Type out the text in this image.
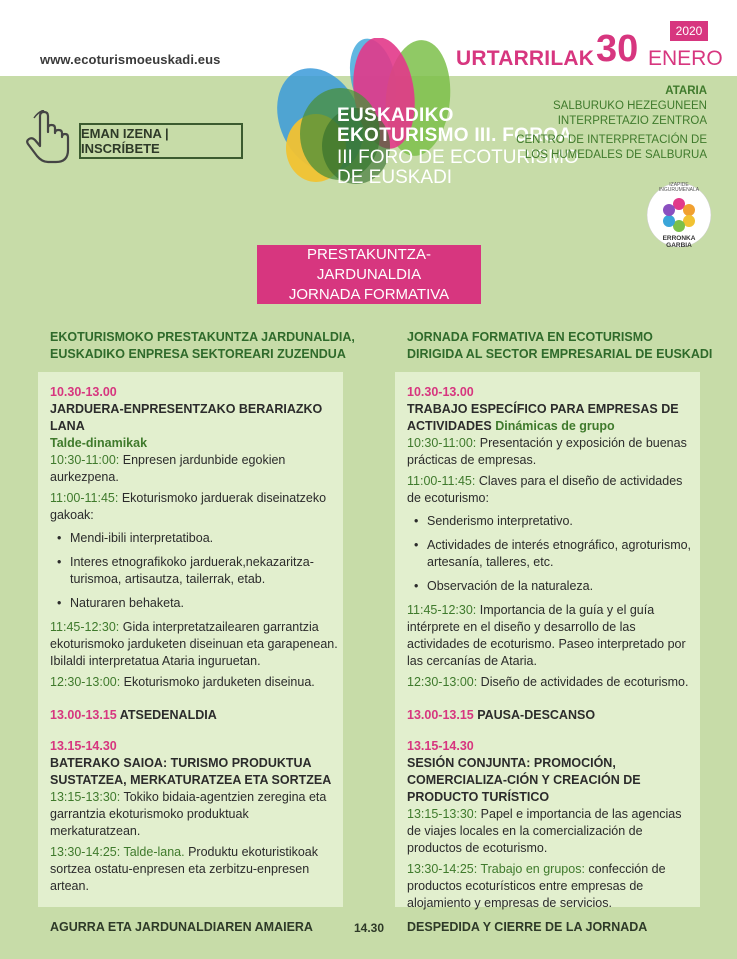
www.ecoturismoeuskadi.eus
EMAN IZENA | INSCRÍBETE
EUSKADIKO
EKOTURISMO III. FOROA
III FORO DE ECOTURISMO
DE EUSKADI
2020
URTARRILAK 30 ENERO
ATARIA
SALBURUKO HEZEGUNEEN
INTERPRETAZIO ZENTROA
CENTRO DE INTERPRETACIÓN DE
LOS HUMEDALES DE SALBURUA
IZAPIDE INGURUMENALA
ERRONKA GARBIA
PRESTAKUNTZA-JARDUNALDIA
JORNADA FORMATIVA
EKOTURISMOKO PRESTAKUNTZA JARDUNALDIA,
EUSKADIKO ENPRESA SEKTOREARI ZUZENDUA

10.30-13.00

JARDUERA-ENPRESENTZAKO BERARIAZKO LANA

Talde-dinamikak

10:30-11:00: Enpresen jardunbide egokien aurkezpena.

11:00-11:45: Ekoturismoko jarduerak diseinatzeko gakoak:

• Mendi-ibili interpretatiboa.
• Interes etnografikoko jarduerak,nekazaritza-turismoa, artisautza, tailerrak, etab.
• Naturaren behaketa.

11:45-12:30: Gida interpretatzailearen garrantzia ekoturismoko jarduketen diseinuan eta garapenean. Ibilaldi interpretatua Ataria inguruetan.

12:30-13:00: Ekoturismoko jarduketen diseinua.

13.00-13.15 ATSEDENALDIA

13.15-14.30

BATERAKO SAIOA: TURISMO PRODUKTUA SUSTATZEA, MERKATURATZEA ETA SORTZEA

13:15-13:30: Tokiko bidaia-agentzien zeregina eta garrantzia ekoturismoko produktuak merkaturatzean.

13:30-14:25: Talde-lana. Produktu ekoturistikoak sortzea ostatu-enpresen eta zerbitzu-enpresen artean.

JORNADA FORMATIVA EN ECOTURISMO
DIRIGIDA AL SECTOR EMPRESARIAL DE EUSKADI

10.30-13.00

TRABAJO ESPECÍFICO PARA EMPRESAS DE ACTIVIDADES Dinámicas de grupo

10:30-11:00: Presentación y exposición de buenas prácticas de empresas.

11:00-11:45: Claves para el diseño de actividades de ecoturismo:

• Senderismo interpretativo.
• Actividades de interés etnográfico, agroturismo, artesanía, talleres, etc.
• Observación de la naturaleza.

11:45-12:30: Importancia de la guía y el guía intérprete en el diseño y desarrollo de las actividades de ecoturismo. Paseo interpretado por las cercanías de Ataria.

12:30-13:00: Diseño de actividades de ecoturismo.

13.00-13.15 PAUSA-DESCANSO

13.15-14.30

SESIÓN CONJUNTA: PROMOCIÓN, COMERCIALIZA-CIÓN Y CREACIÓN DE PRODUCTO TURÍSTICO

13:15-13:30: Papel e importancia de las agencias de viajes locales en la comercialización de productos de ecoturismo.

13:30-14:25: Trabajo en grupos: confección de productos ecoturísticos entre empresas de alojamiento y empresas de servicios.

AGURRA ETA JARDUNALDIAREN AMAIERA	14.30 DESPEDIDA Y CIERRE DE LA JORNADA
